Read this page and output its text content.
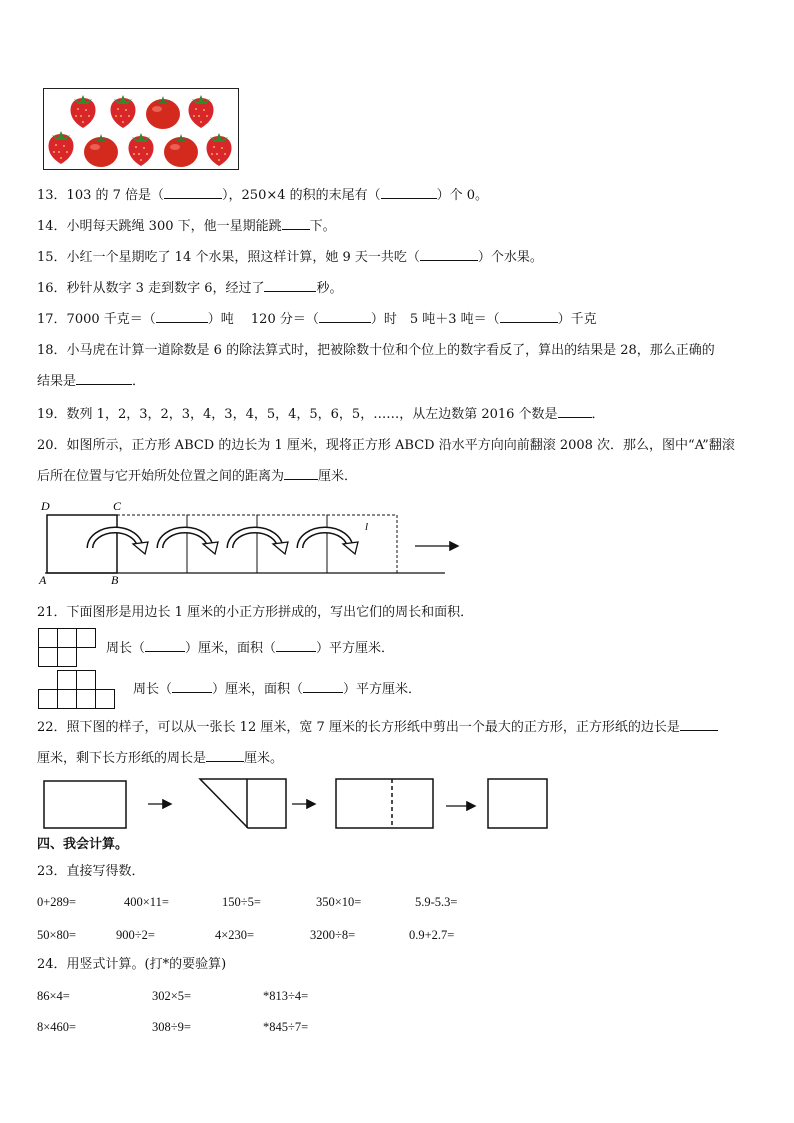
13．103 的 7 倍是（	），250×4 的积的末尾有（	）个 0。
14．小明每天跳绳 300 下，他一星期能跳 下。
15．小红一个星期吃了 14 个水果，照这样计算，她 9 天一共吃（	）个水果。
16．秒针从数字 3 走到数字 6，经过了	秒。
17．7000 千克＝（	）吨　 120 分＝（	）时　5 吨＋3 吨＝（	）千克
18．小马虎在计算一道除数是 6 的除法算式时，把被除数十位和个位上的数字看反了，算出的结果是 28，那么正确的
结果是	．
19．数列 1，2，3，2，3，4，3，4，5，4，5，6，5，……，从左边数第 2016 个数是	．
20．如图所示，正方形 ABCD 的边长为 1 厘米，现将正方形 ABCD 沿水平方向向前翻滚 2008 次．那么，图中“A”翻滚
后所在位置与它开始所处位置之间的距离为	厘米．
D	C
A	B
l
21．下面图形是用边长 1 厘米的小正方形拼成的，写出它们的周长和面积．
周长（	）厘米，面积（	）平方厘米．
周长（	）厘米，面积（	）平方厘米．
22．照下图的样子，可以从一张长 12 厘米，宽 7 厘米的长方形纸中剪出一个最大的正方形，正方形纸的边长是
厘米，剩下长方形纸的周长是	厘米。
四、我会计算。
23．直接写得数．
0+289=	400×11=	150÷5=	350×10=	5.9-5.3=
50×80=	900÷2=	4×230=	3200÷8=	0.9+2.7=
24．用竖式计算。(打*的要验算)
86×4=	302×5=	*813÷4=
8×460=	308÷9=	*845÷7=
